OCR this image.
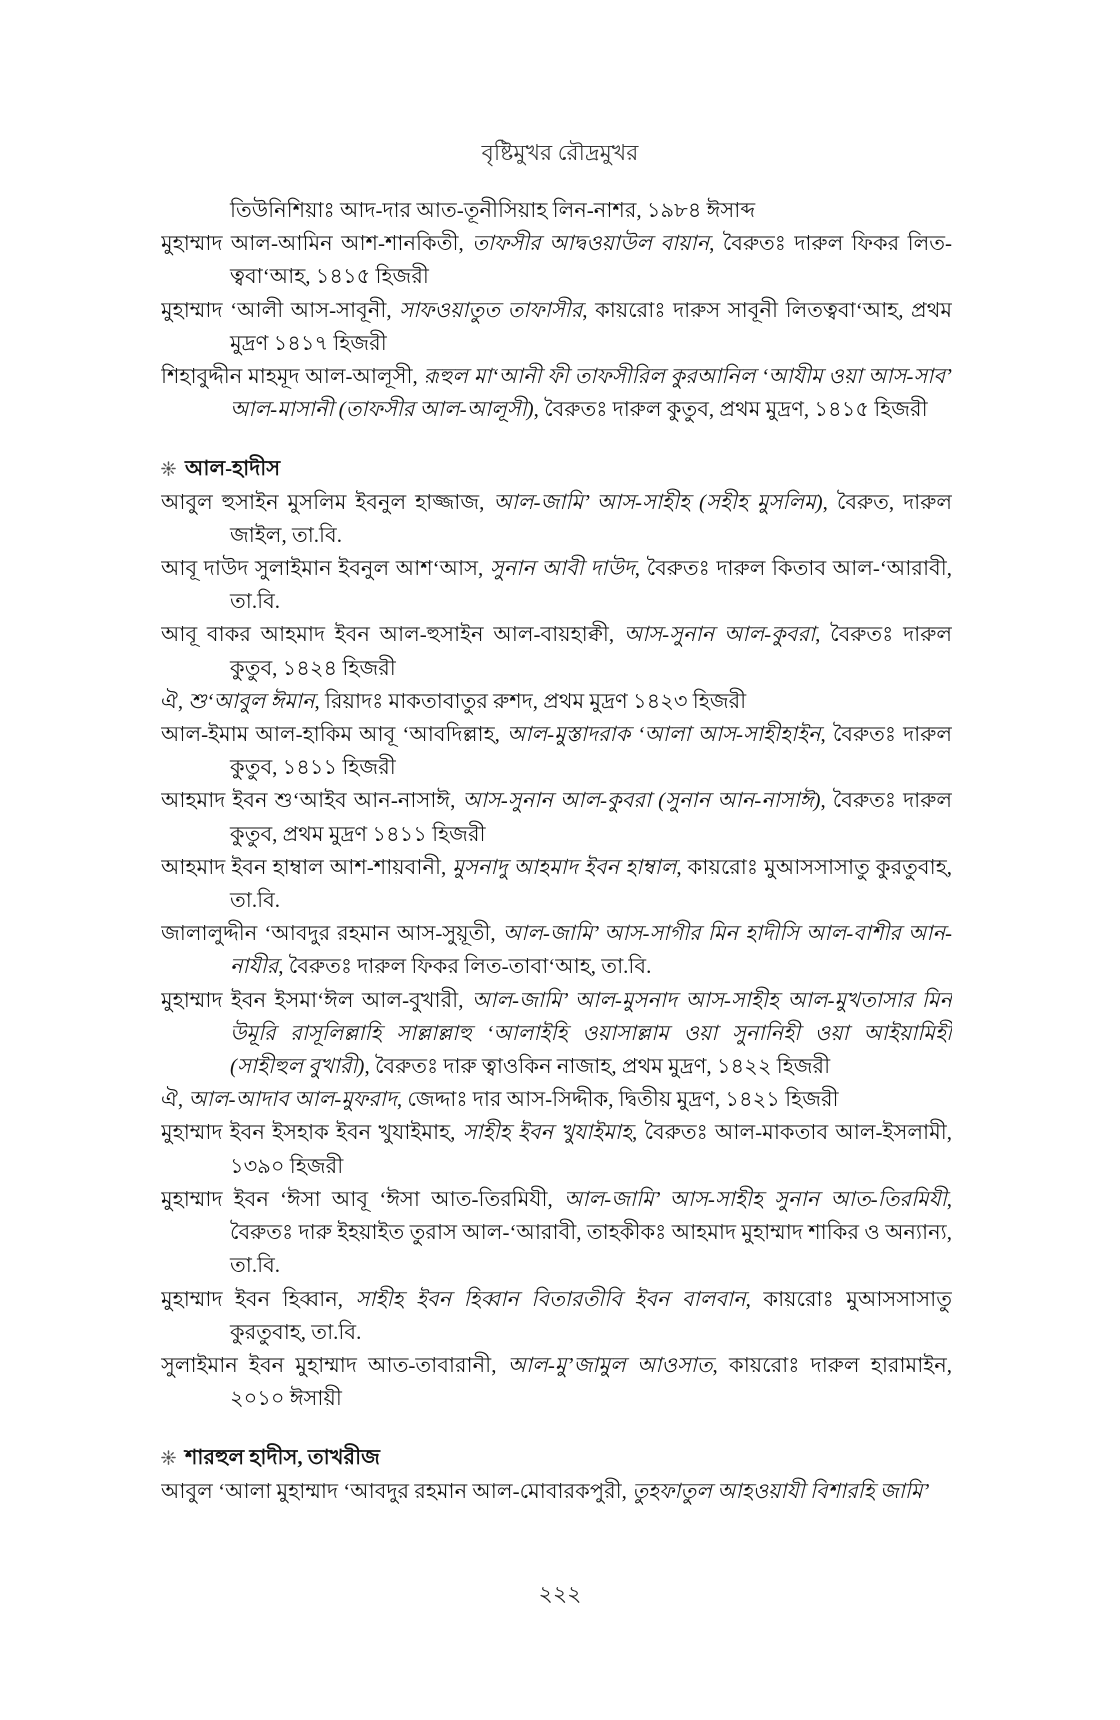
বৃষ্টিমুখর রৌদ্রমুখর

তিউনিশিয়াঃ আদ-দার আত-তূনীসিয়াহ লিন-নাশর, ১৯৮৪ ঈসাব্দ

মুহাম্মাদ আল-আমিন আশ-শানকিতী, তাফসীর আদ্বওয়াউল বায়ান, বৈরুতঃ দারুল ফিকর লিত-ত্ববা‘আহ, ১৪১৫ হিজরী

মুহাম্মাদ ‘আলী আস-সাবূনী, সাফওয়াতুত তাফাসীর, কায়রোঃ দারুস সাবূনী লিতত্ববা‘আহ, প্রথম মুদ্রণ ১৪১৭ হিজরী

শিহাবুদ্দীন মাহমূদ আল-আলূসী, রূহুল মা‘আনী ফী তাফসীরিল কুরআনিল ‘আযীম ওয়া আস-সাব’ আল-মাসানী (তাফসীর আল-আলূসী), বৈরুতঃ দারুল কুতুব, প্রথম মুদ্রণ, ১৪১৫ হিজরী

আল-হাদীস

আবুল হুসাইন মুসলিম ইবনুল হাজ্জাজ, আল-জামি’ আস-সাহীহ (সহীহ মুসলিম), বৈরুত, দারুল জাইল, তা.বি.

আবূ দাউদ সুলাইমান ইবনুল আশ‘আস, সুনান আবী দাউদ, বৈরুতঃ দারুল কিতাব আল-‘আরাবী, তা.বি.

আবূ বাকর আহমাদ ইবন আল-হুসাইন আল-বায়হাক্বী, আস-সুনান আল-কুবরা, বৈরুতঃ দারুল কুতুব, ১৪২৪ হিজরী

ঐ, শু‘আবুল ঈমান, রিয়াদঃ মাকতাবাতুর রুশদ, প্রথম মুদ্রণ ১৪২৩ হিজরী

আল-ইমাম আল-হাকিম আবূ ‘আবদিল্লাহ, আল-মুস্তাদরাক ‘আলা আস-সাহীহাইন, বৈরুতঃ দারুল কুতুব, ১৪১১ হিজরী

আহমাদ ইবন শু‘আইব আন-নাসাঈ, আস-সুনান আল-কুবরা (সুনান আন-নাসাঈ), বৈরুতঃ দারুল কুতুব, প্রথম মুদ্রণ ১৪১১ হিজরী

আহমাদ ইবন হাম্বাল আশ-শায়বানী, মুসনাদু আহমাদ ইবন হাম্বাল, কায়রোঃ মুআসসাসাতু কুরতুবাহ, তা.বি.

জালালুদ্দীন ‘আবদুর রহমান আস-সুয়ূতী, আল-জামি’ আস-সাগীর মিন হাদীসি আল-বাশীর আন-নাযীর, বৈরুতঃ দারুল ফিকর লিত-তাবা‘আহ, তা.বি.

মুহাম্মাদ ইবন ইসমা‘ঈল আল-বুখারী, আল-জামি’ আল-মুসনাদ আস-সাহীহ আল-মুখতাসার মিন উমূরি রাসূলিল্লাহি সাল্লাল্লাহু ‘আলাইহি ওয়াসাল্লাম ওয়া সুনানিহী ওয়া আইয়ামিহী (সাহীহুল বুখারী), বৈরুতঃ দারু ত্বাওকিন নাজাহ, প্রথম মুদ্রণ, ১৪২২ হিজরী

ঐ, আল-আদাব আল-মুফরাদ, জেদ্দাঃ দার আস-সিদ্দীক, দ্বিতীয় মুদ্রণ, ১৪২১ হিজরী

মুহাম্মাদ ইবন ইসহাক ইবন খুযাইমাহ, সাহীহ ইবন খুযাইমাহ, বৈরুতঃ আল-মাকতাব আল-ইসলামী, ১৩৯০ হিজরী

মুহাম্মাদ ইবন ‘ঈসা আবূ ‘ঈসা আত-তিরমিযী, আল-জামি’ আস-সাহীহ সুনান আত-তিরমিযী, বৈরুতঃ দারু ইহয়াইত তুরাস আল-‘আরাবী, তাহকীকঃ আহমাদ মুহাম্মাদ শাকির ও অন্যান্য, তা.বি.

মুহাম্মাদ ইবন হিব্বান, সাহীহ ইবন হিব্বান বিতারতীবি ইবন বালবান, কায়রোঃ মুআসসাসাতু কুরতুবাহ, তা.বি.

সুলাইমান ইবন মুহাম্মাদ আত-তাবারানী, আল-মু’জামুল আওসাত, কায়রোঃ দারুল হারামাইন, ২০১০ ঈসায়ী

শারহুল হাদীস, তাখরীজ

আবুল ‘আলা মুহাম্মাদ ‘আবদুর রহমান আল-মোবারকপুরী, তুহফাতুল আহওয়াযী বিশারহি জামি’

২২২
